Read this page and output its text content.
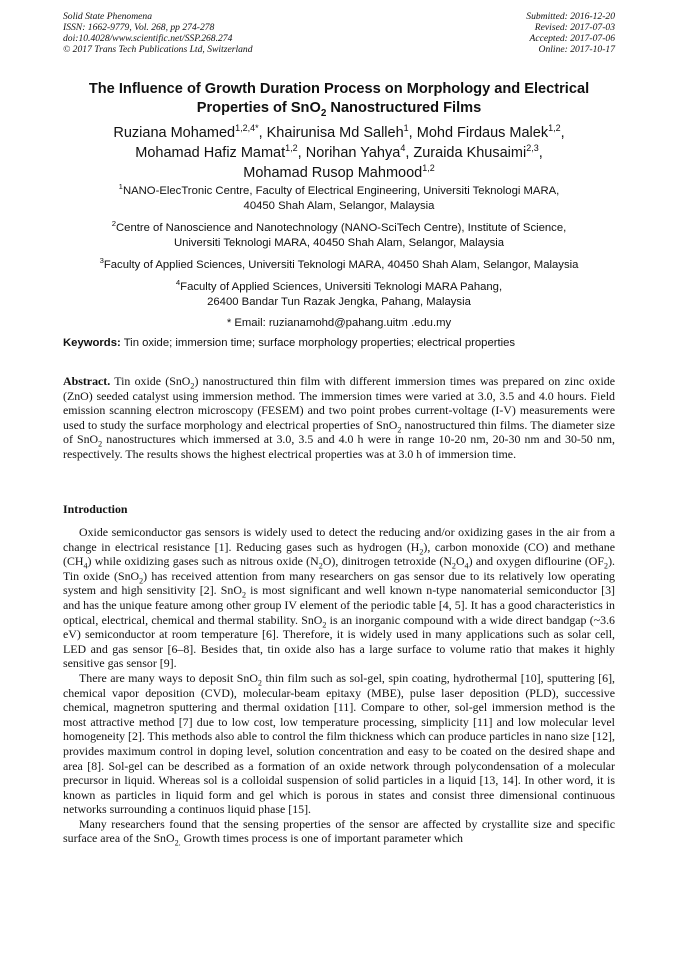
Solid State Phenomena
ISSN: 1662-9779, Vol. 268, pp 274-278
doi:10.4028/www.scientific.net/SSP.268.274
© 2017 Trans Tech Publications Ltd, Switzerland
Submitted: 2016-12-20
Revised: 2017-07-03
Accepted: 2017-07-06
Online: 2017-10-17
The Influence of Growth Duration Process on Morphology and Electrical
Properties of SnO$_2$ Nanostructured Films
Ruziana Mohamed$^{1,2,4*}$, Khairunisa Md Salleh$^1$, Mohd Firdaus Malek$^{1,2}$,
Mohamad Hafiz Mamat$^{1,2}$, Norihan Yahya$^4$, Zuraida Khusaimi$^{2,3}$,
Mohamad Rusop Mahmood$^{1,2}$
$^1$NANO-ElecTronic Centre, Faculty of Electrical Engineering, Universiti Teknologi MARA,
40450 Shah Alam, Selangor, Malaysia
$^2$Centre of Nanoscience and Nanotechnology (NANO-SciTech Centre), Institute of Science,
Universiti Teknologi MARA, 40450 Shah Alam, Selangor, Malaysia
$^3$Faculty of Applied Sciences, Universiti Teknologi MARA, 40450 Shah Alam, Selangor, Malaysia
$^4$Faculty of Applied Sciences, Universiti Teknologi MARA Pahang,
26400 Bandar Tun Razak Jengka, Pahang, Malaysia
* Email: ruzianamohd@pahang.uitm .edu.my
Keywords: Tin oxide; immersion time; surface morphology properties; electrical properties
Abstract. Tin oxide (SnO$_2$) nanostructured thin film with different immersion times was prepared on zinc oxide (ZnO) seeded catalyst using immersion method. The immersion times were varied at 3.0, 3.5 and 4.0 hours. Field emission scanning electron microscopy (FESEM) and two point probes current-voltage (I-V) measurements were used to study the surface morphology and electrical properties of SnO$_2$ nanostructured thin films. The diameter size of SnO$_2$ nanostructures which immersed at 3.0, 3.5 and 4.0 h were in range 10-20 nm, 20-30 nm and 30-50 nm, respectively. The results shows the highest electrical properties was at 3.0 h of immersion time.
Introduction

Oxide semiconductor gas sensors is widely used to detect the reducing and/or oxidizing gases in the air from a change in electrical resistance [1]. Reducing gases such as hydrogen $(H_2)$, carbon monoxide (CO) and methane $(CH_4)$ while oxidizing gases such as nitrous oxide $(N_2O)$, dinitrogen tetroxide $(N_2O_4)$ and oxygen diflourine $(OF_2)$. Tin oxide (SnO$_2$) has received attention from many researchers on gas sensor due to its relatively low operating system and high sensitivity [2]. SnO$_2$ is most significant and well known n-type nanomaterial semiconductor [3] and has the unique feature among other group IV element of the periodic table [4, 5]. It has a good characteristics in optical, electrical, chemical and thermal stability. SnO$_2$ is an inorganic compound with a wide direct bandgap (~3.6 eV) semiconductor at room temperature [6]. Therefore, it is widely used in many applications such as solar cell, LED and gas sensor [6–8]. Besides that, tin oxide also has a large surface to volume ratio that makes it highly sensitive gas sensor [9].

There are many ways to deposit SnO$_2$ thin film such as sol-gel, spin coating, hydrothermal [10], sputtering [6], chemical vapor deposition (CVD), molecular-beam epitaxy (MBE), pulse laser deposition (PLD), successive chemical, magnetron sputtering and thermal oxidation [11]. Compare to other, sol-gel immersion method is the most attractive method [7] due to low cost, low temperature processing, simplicity [11] and low molecular level homogeneity [2]. This methods also able to control the film thickness which can produce particles in nano size [12], provides maximum control in doping level, solution concentration and easy to be coated on the desired shape and area [8]. Sol-gel can be described as a formation of an oxide network through polycondensation of a molecular precursor in liquid. Whereas sol is a colloidal suspension of solid particles in a liquid [13, 14]. In other word, it is known as particles in liquid form and gel which is porous in states and consist three dimensional continuous networks surrounding a continuos liquid phase [15].

Many researchers found that the sensing properties of the sensor are affected by crystallite size and specific surface area of the SnO$_{2.}$ Growth times process is one of important parameter which
